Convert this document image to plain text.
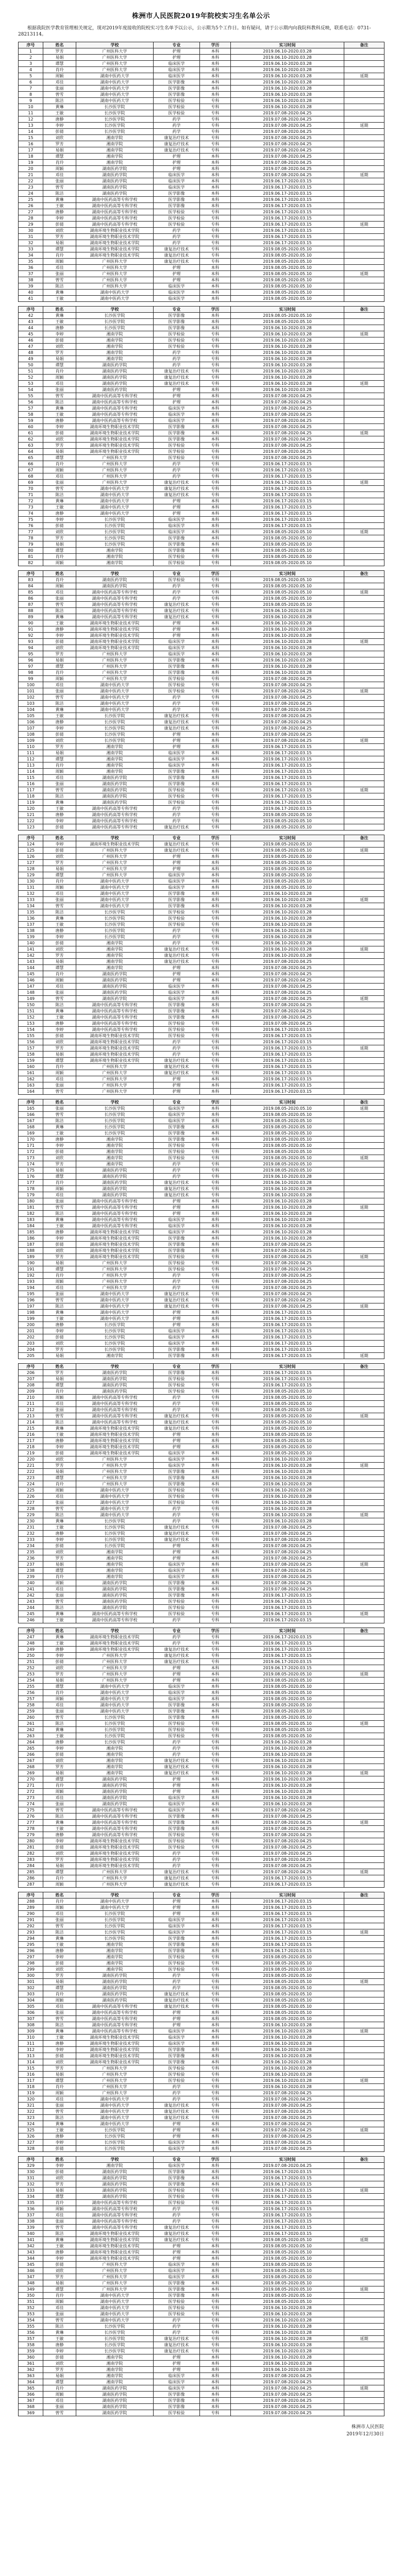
株洲市人民医院2019年院校实习生名单公示
根据我院医学教育管理相关规定，现对2019年度接收的院校实习生名单予以公示，公示期为5个工作日。如有疑问，请于公示期内向我院科教科反映，联系电话：0731-28213114。
序号	姓名	学校	专业	学历	实习时间	备注
1	罗芳	广州医科大学	护理	本科	2019.06.10-2020.03.28	
2	易娟	广州医科大学	护理	本科	2019.06.10-2020.03.28	
3	谭慧	广州医科大学	临床医学	本科	2019.06.10-2020.03.28	
4	肖玲	广州医科大学	临床医学	本科	2019.06.10-2020.03.28	
5	周颖	湖南中医药大学	临床医学	本科	2019.06.10-2020.03.28	延期
6	邓佳	湖南中医药大学	医学影像	本科	2019.06.10-2020.03.28	
7	张丽	湖南中医药大学	医学影像	本科	2019.06.10-2020.03.28	
8	曾雪	湖南中医药大学	医学影像	本科	2019.06.10-2020.03.28	
9	陈洁	湖南中医药大学	医学检验	专科	2019.06.10-2020.03.28	
10	黄琳	长沙医学院	医学检验	专科	2019.06.10-2020.03.28	
11	王敏	长沙医学院	医学检验	专科	2019.07.08-2020.04.25	
12	唐静	长沙医学院	药学	专科	2019.07.08-2020.04.25	
13	李婷	长沙医学院	药学	专科	2019.07.08-2020.04.25	延期
14	彭倩	长沙医学院	药学	专科	2019.07.08-2020.04.25	
15	刘欣	湘南学院	康复治疗技术	专科	2019.07.08-2020.04.25	
16	罗芳	湘南学院	康复治疗技术	专科	2019.07.08-2020.04.25	
17	易娟	湘南学院	康复治疗技术	专科	2019.07.08-2020.04.25	
18	谭慧	湘南学院	护理	本科	2019.07.08-2020.04.25	
19	肖玲	湘南学院	护理	本科	2019.07.08-2020.04.25	
20	周颖	湖南医药学院	护理	本科	2019.07.08-2020.04.25	
21	邓佳	湖南医药学院	临床医学	本科	2019.07.08-2020.04.25	延期
22	张丽	湖南医药学院	临床医学	本科	2019.06.17-2020.03.15	
23	曾雪	湖南医药学院	临床医学	本科	2019.06.17-2020.03.15	
24	陈洁	湖南医药学院	医学影像	本科	2019.06.17-2020.03.15	
25	黄琳	湖南中医药高等专科学校	医学影像	本科	2019.06.17-2020.03.15	
26	王敏	湖南中医药高等专科学校	医学影像	本科	2019.06.17-2020.03.15	
27	唐静	湖南中医药高等专科学校	医学检验	专科	2019.06.17-2020.03.15	
28	李婷	湖南中医药高等专科学校	医学检验	专科	2019.06.17-2020.03.15	
29	彭倩	湖南中医药高等专科学校	医学检验	专科	2019.06.17-2020.03.15	延期
30	刘欣	湖南环境生物职业技术学院	药学	专科	2019.06.17-2020.03.15	
31	罗芳	湖南环境生物职业技术学院	药学	专科	2019.06.17-2020.03.15	
32	易娟	湖南环境生物职业技术学院	药学	专科	2019.06.17-2020.03.15	
33	谭慧	湖南环境生物职业技术学院	康复治疗技术	专科	2019.08.05-2020.05.10	
34	肖玲	湖南环境生物职业技术学院	康复治疗技术	专科	2019.08.05-2020.05.10	
35	周颖	广州医科大学	康复治疗技术	专科	2019.08.05-2020.05.10	
36	邓佳	广州医科大学	护理	本科	2019.08.05-2020.05.10	
37	张丽	广州医科大学	护理	本科	2019.08.05-2020.05.10	延期
38	曾雪	广州医科大学	护理	本科	2019.08.05-2020.05.10	
39	陈洁	广州医科大学	临床医学	本科	2019.08.05-2020.05.10	
40	黄琳	湖南中医药大学	临床医学	本科	2019.08.05-2020.05.10	
41	王敏	湖南中医药大学	临床医学	本科	2019.08.05-2020.05.10	
序号	姓名	学校	专业	学历	实习时间	备注
42	黄琳	长沙医学院	医学影像	本科	2019.08.05-2020.05.10	
43	王敏	长沙医学院	医学影像	本科	2019.08.05-2020.05.10	
44	唐静	长沙医学院	医学影像	本科	2019.06.10-2020.03.28	
45	李婷	湘南学院	医学检验	专科	2019.06.10-2020.03.28	延期
46	彭倩	湘南学院	医学检验	专科	2019.06.10-2020.03.28	
47	刘欣	湘南学院	医学检验	专科	2019.06.10-2020.03.28	
48	罗芳	湘南学院	药学	专科	2019.06.10-2020.03.28	
49	易娟	湘南学院	药学	专科	2019.06.10-2020.03.28	
50	谭慧	湖南医药学院	药学	专科	2019.06.10-2020.03.28	
51	肖玲	湖南医药学院	康复治疗技术	专科	2019.06.10-2020.03.28	
52	周颖	湖南医药学院	康复治疗技术	专科	2019.06.10-2020.03.28	
53	邓佳	湖南医药学院	康复治疗技术	专科	2019.06.10-2020.03.28	延期
54	张丽	湖南医药学院	护理	本科	2019.06.10-2020.03.28	
55	曾雪	湖南中医药高等专科学校	护理	本科	2019.07.08-2020.04.25	
56	陈洁	湖南中医药高等专科学校	护理	本科	2019.07.08-2020.04.25	
57	黄琳	湖南中医药高等专科学校	临床医学	本科	2019.07.08-2020.04.25	
58	王敏	湖南中医药高等专科学校	临床医学	本科	2019.07.08-2020.04.25	
59	唐静	湖南中医药高等专科学校	临床医学	本科	2019.07.08-2020.04.25	
60	李婷	湖南环境生物职业技术学院	医学影像	本科	2019.07.08-2020.04.25	
61	彭倩	湖南环境生物职业技术学院	医学影像	本科	2019.07.08-2020.04.25	延期
62	刘欣	湖南环境生物职业技术学院	医学影像	本科	2019.07.08-2020.04.25	
63	罗芳	湖南环境生物职业技术学院	医学检验	专科	2019.07.08-2020.04.25	
64	易娟	湖南环境生物职业技术学院	医学检验	专科	2019.07.08-2020.04.25	
65	谭慧	广州医科大学	医学检验	专科	2019.07.08-2020.04.25	
66	肖玲	广州医科大学	药学	专科	2019.06.17-2020.03.15	
67	周颖	广州医科大学	药学	专科	2019.06.17-2020.03.15	
68	邓佳	广州医科大学	药学	专科	2019.06.17-2020.03.15	
69	张丽	广州医科大学	康复治疗技术	专科	2019.06.17-2020.03.15	延期
70	曾雪	湖南中医药大学	康复治疗技术	专科	2019.06.17-2020.03.15	
71	陈洁	湖南中医药大学	康复治疗技术	专科	2019.06.17-2020.03.15	
72	黄琳	湖南中医药大学	护理	本科	2019.06.17-2020.03.15	
73	王敏	湖南中医药大学	护理	本科	2019.06.17-2020.03.15	
74	唐静	湖南中医药大学	护理	本科	2019.06.17-2020.03.15	
75	李婷	长沙医学院	临床医学	本科	2019.06.17-2020.03.15	
76	彭倩	长沙医学院	临床医学	本科	2019.06.17-2020.03.15	
77	刘欣	长沙医学院	临床医学	本科	2019.08.05-2020.05.10	延期
78	罗芳	长沙医学院	医学影像	本科	2019.08.05-2020.05.10	
79	易娟	长沙医学院	医学影像	本科	2019.08.05-2020.05.10	
80	谭慧	湘南学院	医学影像	本科	2019.08.05-2020.05.10	
81	肖玲	湘南学院	医学检验	专科	2019.08.05-2020.05.10	
82	周颖	湘南学院	医学检验	专科	2019.08.05-2020.05.10	
序号	姓名	学校	专业	学历	实习时间	备注
83	肖玲	湖南医药学院	医学检验	专科	2019.08.05-2020.05.10	
84	周颖	湖南医药学院	药学	专科	2019.08.05-2020.05.10	
85	邓佳	湖南中医药高等专科学校	药学	专科	2019.08.05-2020.05.10	延期
86	张丽	湖南中医药高等专科学校	药学	专科	2019.08.05-2020.05.10	
87	曾雪	湖南中医药高等专科学校	康复治疗技术	专科	2019.08.05-2020.05.10	
88	陈洁	湖南中医药高等专科学校	康复治疗技术	专科	2019.06.10-2020.03.28	
89	黄琳	湖南中医药高等专科学校	康复治疗技术	专科	2019.06.10-2020.03.28	
90	王敏	湖南环境生物职业技术学院	护理	本科	2019.06.10-2020.03.28	
91	唐静	湖南环境生物职业技术学院	护理	本科	2019.06.10-2020.03.28	
92	李婷	湖南环境生物职业技术学院	护理	本科	2019.06.10-2020.03.28	
93	彭倩	湖南环境生物职业技术学院	临床医学	本科	2019.06.10-2020.03.28	延期
94	刘欣	湖南环境生物职业技术学院	临床医学	本科	2019.06.10-2020.03.28	
95	罗芳	广州医科大学	临床医学	本科	2019.06.10-2020.03.28	
96	易娟	广州医科大学	医学影像	本科	2019.06.10-2020.03.28	
97	谭慧	广州医科大学	医学影像	本科	2019.06.10-2020.03.28	
98	肖玲	广州医科大学	医学影像	本科	2019.06.10-2020.03.28	
99	周颖	广州医科大学	医学检验	专科	2019.07.08-2020.04.25	
100	邓佳	湖南中医药大学	医学检验	专科	2019.07.08-2020.04.25	
101	张丽	湖南中医药大学	医学检验	专科	2019.07.08-2020.04.25	延期
102	曾雪	湖南中医药大学	药学	专科	2019.07.08-2020.04.25	
103	陈洁	湖南中医药大学	药学	专科	2019.07.08-2020.04.25	
104	黄琳	湖南中医药大学	药学	专科	2019.07.08-2020.04.25	
105	王敏	长沙医学院	康复治疗技术	专科	2019.07.08-2020.04.25	
106	唐静	长沙医学院	康复治疗技术	专科	2019.07.08-2020.04.25	
107	李婷	长沙医学院	康复治疗技术	专科	2019.07.08-2020.04.25	
108	彭倩	长沙医学院	护理	本科	2019.07.08-2020.04.25	
109	刘欣	长沙医学院	护理	本科	2019.07.08-2020.04.25	延期
110	罗芳	湘南学院	护理	本科	2019.06.17-2020.03.15	
111	易娟	湘南学院	临床医学	本科	2019.06.17-2020.03.15	
112	谭慧	湘南学院	临床医学	本科	2019.06.17-2020.03.15	
113	肖玲	湘南学院	临床医学	本科	2019.06.17-2020.03.15	
114	周颖	湘南学院	医学影像	本科	2019.06.17-2020.03.15	
115	邓佳	湖南医药学院	医学影像	本科	2019.06.17-2020.03.15	
116	张丽	湖南医药学院	医学影像	本科	2019.06.17-2020.03.15	
117	曾雪	湖南医药学院	医学检验	专科	2019.06.17-2020.03.15	延期
118	陈洁	湖南医药学院	医学检验	专科	2019.06.17-2020.03.15	
119	黄琳	湖南医药学院	医学检验	专科	2019.06.17-2020.03.15	
120	王敏	湖南中医药高等专科学校	药学	专科	2019.06.17-2020.03.15	
121	唐静	湖南中医药高等专科学校	药学	专科	2019.08.05-2020.05.10	
122	李婷	湖南中医药高等专科学校	药学	专科	2019.08.05-2020.05.10	
123	彭倩	湖南中医药高等专科学校	康复治疗技术	专科	2019.08.05-2020.05.10	
序号	姓名	学校	专业	学历	实习时间	备注
124	李婷	湖南环境生物职业技术学院	康复治疗技术	专科	2019.08.05-2020.05.10	
125	彭倩	广州医科大学	康复治疗技术	专科	2019.08.05-2020.05.10	延期
126	刘欣	广州医科大学	护理	本科	2019.08.05-2020.05.10	
127	罗芳	广州医科大学	护理	本科	2019.08.05-2020.05.10	
128	易娟	广州医科大学	护理	本科	2019.08.05-2020.05.10	
129	谭慧	广州医科大学	临床医学	本科	2019.08.05-2020.05.10	
130	肖玲	湖南中医药大学	临床医学	本科	2019.08.05-2020.05.10	
131	周颖	湖南中医药大学	临床医学	本科	2019.08.05-2020.05.10	
132	邓佳	湖南中医药大学	医学影像	本科	2019.06.10-2020.03.28	
133	张丽	湖南中医药大学	医学影像	本科	2019.06.10-2020.03.28	延期
134	曾雪	湖南中医药大学	医学影像	本科	2019.06.10-2020.03.28	
135	陈洁	长沙医学院	医学检验	专科	2019.06.10-2020.03.28	
136	黄琳	长沙医学院	医学检验	专科	2019.06.10-2020.03.28	
137	王敏	长沙医学院	医学检验	专科	2019.06.10-2020.03.28	
138	唐静	长沙医学院	药学	专科	2019.06.10-2020.03.28	
139	李婷	长沙医学院	药学	专科	2019.06.10-2020.03.28	
140	彭倩	湘南学院	药学	专科	2019.06.10-2020.03.28	
141	刘欣	湘南学院	康复治疗技术	专科	2019.06.10-2020.03.28	延期
142	罗芳	湘南学院	康复治疗技术	专科	2019.06.10-2020.03.28	
143	易娟	湘南学院	康复治疗技术	专科	2019.07.08-2020.04.25	
144	谭慧	湘南学院	护理	本科	2019.07.08-2020.04.25	
145	肖玲	湖南医药学院	护理	本科	2019.07.08-2020.04.25	
146	周颖	湖南医药学院	护理	本科	2019.07.08-2020.04.25	
147	邓佳	湖南医药学院	临床医学	本科	2019.07.08-2020.04.25	
148	张丽	湖南医药学院	临床医学	本科	2019.07.08-2020.04.25	
149	曾雪	湖南医药学院	临床医学	本科	2019.07.08-2020.04.25	延期
150	陈洁	湖南中医药高等专科学校	医学影像	本科	2019.07.08-2020.04.25	
151	黄琳	湖南中医药高等专科学校	医学影像	本科	2019.07.08-2020.04.25	
152	王敏	湖南中医药高等专科学校	医学影像	本科	2019.07.08-2020.04.25	
153	唐静	湖南中医药高等专科学校	医学检验	专科	2019.07.08-2020.04.25	
154	李婷	湖南中医药高等专科学校	医学检验	专科	2019.06.17-2020.03.15	
155	彭倩	湖南环境生物职业技术学院	医学检验	专科	2019.06.17-2020.03.15	
156	刘欣	湖南环境生物职业技术学院	药学	专科	2019.06.17-2020.03.15	
157	罗芳	湖南环境生物职业技术学院	药学	专科	2019.06.17-2020.03.15	延期
158	易娟	湖南环境生物职业技术学院	药学	专科	2019.06.17-2020.03.15	
159	谭慧	湖南环境生物职业技术学院	康复治疗技术	专科	2019.06.17-2020.03.15	
160	肖玲	广州医科大学	康复治疗技术	专科	2019.06.17-2020.03.15	
161	周颖	广州医科大学	康复治疗技术	专科	2019.06.17-2020.03.15	
162	邓佳	广州医科大学	护理	本科	2019.06.17-2020.03.15	
163	张丽	广州医科大学	护理	本科	2019.06.17-2020.03.15	
164	曾雪	广州医科大学	护理	本科	2019.06.17-2020.03.15	
序号	姓名	学校	专业	学历	实习时间	备注
165	张丽	长沙医学院	临床医学	本科	2019.08.05-2020.05.10	延期
166	曾雪	长沙医学院	临床医学	本科	2019.08.05-2020.05.10	
167	陈洁	长沙医学院	临床医学	本科	2019.08.05-2020.05.10	
168	黄琳	长沙医学院	医学影像	本科	2019.08.05-2020.05.10	
169	王敏	长沙医学院	医学影像	本科	2019.08.05-2020.05.10	
170	唐静	湘南学院	医学影像	本科	2019.08.05-2020.05.10	
171	李婷	湘南学院	医学检验	专科	2019.08.05-2020.05.10	
172	彭倩	湘南学院	医学检验	专科	2019.08.05-2020.05.10	
173	刘欣	湘南学院	医学检验	专科	2019.08.05-2020.05.10	延期
174	罗芳	湘南学院	药学	专科	2019.08.05-2020.05.10	
175	易娟	湖南医药学院	药学	专科	2019.08.05-2020.05.10	
176	谭慧	湖南医药学院	药学	专科	2019.06.10-2020.03.28	
177	肖玲	湖南医药学院	康复治疗技术	专科	2019.06.10-2020.03.28	
178	周颖	湖南医药学院	康复治疗技术	专科	2019.06.10-2020.03.28	
179	邓佳	湖南医药学院	康复治疗技术	专科	2019.06.10-2020.03.28	
180	张丽	湖南中医药高等专科学校	护理	本科	2019.06.10-2020.03.28	
181	曾雪	湖南中医药高等专科学校	护理	本科	2019.06.10-2020.03.28	延期
182	陈洁	湖南中医药高等专科学校	护理	本科	2019.06.10-2020.03.28	
183	黄琳	湖南中医药高等专科学校	临床医学	本科	2019.06.10-2020.03.28	
184	王敏	湖南中医药高等专科学校	临床医学	本科	2019.06.10-2020.03.28	
185	唐静	湖南环境生物职业技术学院	临床医学	本科	2019.06.10-2020.03.28	
186	李婷	湖南环境生物职业技术学院	医学影像	本科	2019.06.10-2020.03.28	
187	彭倩	湖南环境生物职业技术学院	医学影像	本科	2019.07.08-2020.04.25	
188	刘欣	湖南环境生物职业技术学院	医学影像	本科	2019.07.08-2020.04.25	
189	罗芳	湖南环境生物职业技术学院	医学检验	专科	2019.07.08-2020.04.25	延期
190	易娟	广州医科大学	医学检验	专科	2019.07.08-2020.04.25	
191	谭慧	广州医科大学	医学检验	专科	2019.07.08-2020.04.25	
192	肖玲	广州医科大学	药学	专科	2019.07.08-2020.04.25	
193	周颖	广州医科大学	药学	专科	2019.07.08-2020.04.25	
194	邓佳	广州医科大学	药学	专科	2019.07.08-2020.04.25	
195	张丽	湖南中医药大学	康复治疗技术	专科	2019.07.08-2020.04.25	
196	曾雪	湖南中医药大学	康复治疗技术	专科	2019.07.08-2020.04.25	
197	陈洁	湖南中医药大学	康复治疗技术	专科	2019.07.08-2020.04.25	延期
198	黄琳	湖南中医药大学	护理	本科	2019.06.17-2020.03.15	
199	王敏	湖南中医药大学	护理	本科	2019.06.17-2020.03.15	
200	唐静	长沙医学院	护理	本科	2019.06.17-2020.03.15	
201	李婷	长沙医学院	临床医学	本科	2019.06.17-2020.03.15	
202	彭倩	长沙医学院	临床医学	本科	2019.06.17-2020.03.15	
203	刘欣	长沙医学院	临床医学	本科	2019.06.17-2020.03.15	
204	罗芳	长沙医学院	医学影像	本科	2019.06.17-2020.03.15	
205	易娟	湘南学院	医学影像	本科	2019.06.17-2020.03.15	延期
序号	姓名	学校	专业	学历	实习时间	备注
206	罗芳	湖南医药学院	医学影像	本科	2019.06.17-2020.03.15	
207	易娟	湖南医药学院	医学检验	专科	2019.06.17-2020.03.15	
208	谭慧	湖南医药学院	医学检验	专科	2019.06.17-2020.03.15	
209	肖玲	湖南医药学院	医学检验	专科	2019.08.05-2020.05.10	
210	周颖	湖南中医药高等专科学校	药学	专科	2019.08.05-2020.05.10	
211	邓佳	湖南中医药高等专科学校	药学	专科	2019.08.05-2020.05.10	
212	张丽	湖南中医药高等专科学校	药学	专科	2019.08.05-2020.05.10	
213	曾雪	湖南中医药高等专科学校	康复治疗技术	专科	2019.08.05-2020.05.10	延期
214	陈洁	湖南中医药高等专科学校	康复治疗技术	专科	2019.08.05-2020.05.10	
215	黄琳	湖南环境生物职业技术学院	康复治疗技术	专科	2019.08.05-2020.05.10	
216	王敏	湖南环境生物职业技术学院	护理	本科	2019.08.05-2020.05.10	
217	唐静	湖南环境生物职业技术学院	护理	本科	2019.08.05-2020.05.10	
218	李婷	湖南环境生物职业技术学院	护理	本科	2019.08.05-2020.05.10	
219	彭倩	湖南环境生物职业技术学院	临床医学	本科	2019.08.05-2020.05.10	
220	刘欣	广州医科大学	临床医学	本科	2019.06.10-2020.03.28	
221	罗芳	广州医科大学	临床医学	本科	2019.06.10-2020.03.28	延期
222	易娟	广州医科大学	医学影像	本科	2019.06.10-2020.03.28	
223	谭慧	广州医科大学	医学影像	本科	2019.06.10-2020.03.28	
224	肖玲	广州医科大学	医学影像	本科	2019.06.10-2020.03.28	
225	周颖	湖南中医药大学	医学检验	专科	2019.06.10-2020.03.28	
226	邓佳	湖南中医药大学	医学检验	专科	2019.06.10-2020.03.28	
227	张丽	湖南中医药大学	医学检验	专科	2019.06.10-2020.03.28	
228	曾雪	湖南中医药大学	药学	专科	2019.06.10-2020.03.28	
229	陈洁	湖南中医药大学	药学	专科	2019.06.10-2020.03.28	延期
230	黄琳	长沙医学院	药学	专科	2019.06.10-2020.03.28	
231	王敏	长沙医学院	康复治疗技术	专科	2019.07.08-2020.04.25	
232	唐静	长沙医学院	康复治疗技术	专科	2019.07.08-2020.04.25	
233	李婷	长沙医学院	康复治疗技术	专科	2019.07.08-2020.04.25	
234	彭倩	长沙医学院	护理	本科	2019.07.08-2020.04.25	
235	刘欣	湘南学院	护理	本科	2019.07.08-2020.04.25	
236	罗芳	湘南学院	护理	本科	2019.07.08-2020.04.25	
237	易娟	湘南学院	临床医学	本科	2019.07.08-2020.04.25	延期
238	谭慧	湘南学院	临床医学	本科	2019.07.08-2020.04.25	
239	肖玲	湘南学院	临床医学	本科	2019.07.08-2020.04.25	
240	周颖	湖南医药学院	医学影像	本科	2019.07.08-2020.04.25	
241	邓佳	湖南医药学院	医学影像	本科	2019.07.08-2020.04.25	
242	张丽	湖南医药学院	医学影像	本科	2019.06.17-2020.03.15	
243	曾雪	湖南医药学院	医学检验	专科	2019.06.17-2020.03.15	
244	陈洁	湖南医药学院	医学检验	专科	2019.06.17-2020.03.15	
245	黄琳	湖南中医药高等专科学校	医学检验	专科	2019.06.17-2020.03.15	延期
246	王敏	湖南中医药高等专科学校	药学	专科	2019.06.17-2020.03.15	
序号	姓名	学校	专业	学历	实习时间	备注
247	黄琳	湖南环境生物职业技术学院	药学	专科	2019.06.17-2020.03.15	
248	王敏	湖南环境生物职业技术学院	药学	专科	2019.06.17-2020.03.15	
249	唐静	湖南环境生物职业技术学院	康复治疗技术	专科	2019.06.17-2020.03.15	
250	李婷	广州医科大学	康复治疗技术	专科	2019.06.17-2020.03.15	
251	彭倩	广州医科大学	康复治疗技术	专科	2019.06.17-2020.03.15	
252	刘欣	广州医科大学	护理	本科	2019.06.17-2020.03.15	
253	罗芳	广州医科大学	护理	本科	2019.08.05-2020.05.10	延期
254	易娟	广州医科大学	护理	本科	2019.08.05-2020.05.10	
255	谭慧	湖南中医药大学	临床医学	本科	2019.08.05-2020.05.10	
256	肖玲	湖南中医药大学	临床医学	本科	2019.08.05-2020.05.10	
257	周颖	湖南中医药大学	临床医学	本科	2019.08.05-2020.05.10	
258	邓佳	湖南中医药大学	医学影像	本科	2019.08.05-2020.05.10	
259	张丽	湖南中医药大学	医学影像	本科	2019.08.05-2020.05.10	
260	曾雪	长沙医学院	医学影像	本科	2019.08.05-2020.05.10	
261	陈洁	长沙医学院	医学检验	专科	2019.08.05-2020.05.10	延期
262	黄琳	长沙医学院	医学检验	专科	2019.08.05-2020.05.10	
263	王敏	长沙医学院	医学检验	专科	2019.08.05-2020.05.10	
264	唐静	长沙医学院	药学	专科	2019.06.10-2020.03.28	
265	李婷	湘南学院	药学	专科	2019.06.10-2020.03.28	
266	彭倩	湘南学院	药学	专科	2019.06.10-2020.03.28	
267	刘欣	湘南学院	康复治疗技术	专科	2019.06.10-2020.03.28	
268	罗芳	湘南学院	康复治疗技术	专科	2019.06.10-2020.03.28	
269	易娟	湘南学院	康复治疗技术	专科	2019.06.10-2020.03.28	延期
270	谭慧	湖南医药学院	护理	本科	2019.06.10-2020.03.28	
271	肖玲	湖南医药学院	护理	本科	2019.06.10-2020.03.28	
272	周颖	湖南医药学院	护理	本科	2019.06.10-2020.03.28	
273	邓佳	湖南医药学院	临床医学	本科	2019.06.10-2020.03.28	
274	张丽	湖南医药学院	临床医学	本科	2019.06.10-2020.03.28	
275	曾雪	湖南中医药高等专科学校	临床医学	本科	2019.07.08-2020.04.25	
276	陈洁	湖南中医药高等专科学校	医学影像	本科	2019.07.08-2020.04.25	
277	黄琳	湖南中医药高等专科学校	医学影像	本科	2019.07.08-2020.04.25	延期
278	王敏	湖南中医药高等专科学校	医学影像	本科	2019.07.08-2020.04.25	
279	唐静	湖南中医药高等专科学校	医学检验	专科	2019.07.08-2020.04.25	
280	李婷	湖南环境生物职业技术学院	医学检验	专科	2019.07.08-2020.04.25	
281	彭倩	湖南环境生物职业技术学院	医学检验	专科	2019.07.08-2020.04.25	
282	刘欣	湖南环境生物职业技术学院	药学	专科	2019.07.08-2020.04.25	
283	罗芳	湖南环境生物职业技术学院	药学	专科	2019.07.08-2020.04.25	
284	易娟	湖南环境生物职业技术学院	药学	专科	2019.07.08-2020.04.25	
285	谭慧	广州医科大学	康复治疗技术	专科	2019.07.08-2020.04.25	延期
286	肖玲	广州医科大学	康复治疗技术	专科	2019.06.17-2020.03.15	
287	周颖	广州医科大学	康复治疗技术	专科	2019.06.17-2020.03.15	
序号	姓名	学校	专业	学历	实习时间	备注
288	肖玲	湖南中医药大学	护理	本科	2019.06.17-2020.03.15	
289	周颖	湖南中医药大学	护理	本科	2019.06.17-2020.03.15	
290	邓佳	长沙医学院	护理	本科	2019.06.17-2020.03.15	
291	张丽	长沙医学院	临床医学	本科	2019.06.17-2020.03.15	
292	曾雪	长沙医学院	临床医学	本科	2019.06.17-2020.03.15	
293	陈洁	长沙医学院	临床医学	本科	2019.06.17-2020.03.15	延期
294	黄琳	长沙医学院	医学影像	本科	2019.06.17-2020.03.15	
295	王敏	湘南学院	医学影像	本科	2019.06.17-2020.03.15	
296	唐静	湘南学院	医学影像	本科	2019.06.17-2020.03.15	
297	李婷	湘南学院	医学检验	专科	2019.08.05-2020.05.10	
298	彭倩	湘南学院	医学检验	专科	2019.08.05-2020.05.10	
299	刘欣	湘南学院	医学检验	专科	2019.08.05-2020.05.10	
300	罗芳	湖南医药学院	药学	专科	2019.08.05-2020.05.10	
301	易娟	湖南医药学院	药学	专科	2019.08.05-2020.05.10	延期
302	谭慧	湖南医药学院	药学	专科	2019.08.05-2020.05.10	
303	肖玲	湖南医药学院	康复治疗技术	专科	2019.08.05-2020.05.10	
304	周颖	湖南医药学院	康复治疗技术	专科	2019.08.05-2020.05.10	
305	邓佳	湖南中医药高等专科学校	康复治疗技术	专科	2019.08.05-2020.05.10	
306	张丽	湖南中医药高等专科学校	护理	本科	2019.08.05-2020.05.10	
307	曾雪	湖南中医药高等专科学校	护理	本科	2019.08.05-2020.05.10	
308	陈洁	湖南中医药高等专科学校	护理	本科	2019.06.10-2020.03.28	
309	黄琳	湖南中医药高等专科学校	临床医学	本科	2019.06.10-2020.03.28	延期
310	王敏	湖南环境生物职业技术学院	临床医学	本科	2019.06.10-2020.03.28	
311	唐静	湖南环境生物职业技术学院	临床医学	本科	2019.06.10-2020.03.28	
312	李婷	湖南环境生物职业技术学院	医学影像	本科	2019.06.10-2020.03.28	
313	彭倩	湖南环境生物职业技术学院	医学影像	本科	2019.06.10-2020.03.28	
314	刘欣	湖南环境生物职业技术学院	医学影像	本科	2019.06.10-2020.03.28	
315	罗芳	广州医科大学	医学检验	专科	2019.06.10-2020.03.28	
316	易娟	广州医科大学	医学检验	专科	2019.06.10-2020.03.28	
317	谭慧	广州医科大学	医学检验	专科	2019.06.10-2020.03.28	延期
318	肖玲	广州医科大学	药学	专科	2019.06.10-2020.03.28	
319	周颖	广州医科大学	药学	专科	2019.07.08-2020.04.25	
320	邓佳	湖南中医药大学	药学	专科	2019.07.08-2020.04.25	
321	张丽	湖南中医药大学	康复治疗技术	专科	2019.07.08-2020.04.25	
322	曾雪	湖南中医药大学	康复治疗技术	专科	2019.07.08-2020.04.25	
323	陈洁	湖南中医药大学	康复治疗技术	专科	2019.07.08-2020.04.25	
324	黄琳	湖南中医药大学	护理	本科	2019.07.08-2020.04.25	
325	王敏	长沙医学院	护理	本科	2019.07.08-2020.04.25	延期
326	唐静	长沙医学院	护理	本科	2019.07.08-2020.04.25	
327	李婷	长沙医学院	临床医学	本科	2019.07.08-2020.04.25	
328	彭倩	长沙医学院	临床医学	本科	2019.07.08-2020.04.25	
序号	姓名	学校	专业	学历	实习时间	备注
329	李婷	湘南学院	临床医学	本科	2019.07.08-2020.04.25	
330	彭倩	湖南医药学院	医学影像	本科	2019.06.17-2020.03.15	
331	刘欣	湖南医药学院	医学影像	本科	2019.06.17-2020.03.15	
332	罗芳	湖南医药学院	医学影像	本科	2019.06.17-2020.03.15	
333	易娟	湖南医药学院	医学检验	专科	2019.06.17-2020.03.15	延期
334	谭慧	湖南医药学院	医学检验	专科	2019.06.17-2020.03.15	
335	肖玲	湖南中医药高等专科学校	医学检验	专科	2019.06.17-2020.03.15	
336	周颖	湖南中医药高等专科学校	药学	专科	2019.06.17-2020.03.15	
337	邓佳	湖南中医药高等专科学校	药学	专科	2019.06.17-2020.03.15	
338	张丽	湖南中医药高等专科学校	药学	专科	2019.06.17-2020.03.15	
339	曾雪	湖南中医药高等专科学校	康复治疗技术	专科	2019.06.17-2020.03.15	
340	陈洁	湖南环境生物职业技术学院	康复治疗技术	专科	2019.06.17-2020.03.15	
341	黄琳	湖南环境生物职业技术学院	康复治疗技术	专科	2019.08.05-2020.05.10	延期
342	王敏	湖南环境生物职业技术学院	护理	本科	2019.08.05-2020.05.10	
343	唐静	湖南环境生物职业技术学院	护理	本科	2019.08.05-2020.05.10	
344	李婷	湖南环境生物职业技术学院	护理	本科	2019.08.05-2020.05.10	
345	彭倩	广州医科大学	临床医学	本科	2019.08.05-2020.05.10	
346	刘欣	广州医科大学	临床医学	本科	2019.08.05-2020.05.10	
347	罗芳	广州医科大学	临床医学	本科	2019.08.05-2020.05.10	
348	易娟	广州医科大学	医学影像	本科	2019.08.05-2020.05.10	
349	谭慧	广州医科大学	医学影像	本科	2019.08.05-2020.05.10	延期
350	肖玲	湖南中医药大学	医学影像	本科	2019.08.05-2020.05.10	
351	周颖	湖南中医药大学	医学检验	专科	2019.08.05-2020.05.10	
352	邓佳	湖南中医药大学	医学检验	专科	2019.06.10-2020.03.28	
353	张丽	湖南中医药大学	医学检验	专科	2019.06.10-2020.03.28	
354	曾雪	湖南中医药大学	药学	专科	2019.06.10-2020.03.28	
355	陈洁	长沙医学院	药学	专科	2019.06.10-2020.03.28	
356	黄琳	长沙医学院	药学	专科	2019.06.10-2020.03.28	
357	王敏	长沙医学院	康复治疗技术	专科	2019.06.10-2020.03.28	延期
358	唐静	长沙医学院	康复治疗技术	专科	2019.06.10-2020.03.28	
359	李婷	长沙医学院	康复治疗技术	专科	2019.06.10-2020.03.28	
360	彭倩	湘南学院	护理	本科	2019.06.10-2020.03.28	
361	刘欣	湘南学院	护理	本科	2019.06.10-2020.03.28	
362	罗芳	湘南学院	护理	本科	2019.06.10-2020.03.28	
363	易娟	湘南学院	临床医学	本科	2019.07.08-2020.04.25	
364	谭慧	湘南学院	临床医学	本科	2019.07.08-2020.04.25	
365	肖玲	湖南医药学院	临床医学	本科	2019.07.08-2020.04.25	延期
366	周颖	湖南医药学院	医学影像	本科	2019.07.08-2020.04.25	
367	邓佳	湖南医药学院	医学影像	本科	2019.07.08-2020.04.25	
368	张丽	湖南医药学院	医学影像	本科	2019.07.08-2020.04.25	
369	曾雪	湖南医药学院	医学检验	专科	2019.07.08-2020.04.25	
株洲市人民医院
2019年12月30日
